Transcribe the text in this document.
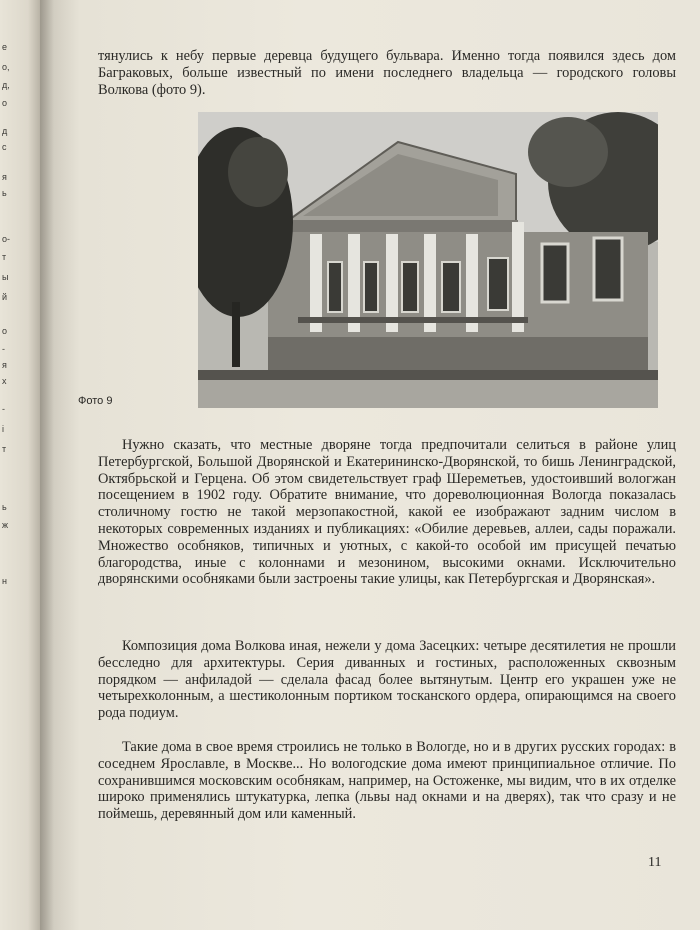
е
о,
д,
о
д
с
я
ь
о-
т
ы
й
о
-
я
х
-
і
т
ь
ж
н

тянулись к небу первые деревца будущего бульвара. Именно тогда появился здесь дом Баграковых, больше известный по имени последнего владельца — городского головы Волкова (фото 9).

Фото 9

Нужно сказать, что местные дворяне тогда предпочитали селиться в районе улиц Петербургской, Большой Дворянской и Екатерининско-Дворянской, то бишь Ленинградской, Октябрьской и Герцена. Об этом свидетельствует граф Шереметьев, удостоивший вологжан посещением в 1902 году. Обратите внимание, что дореволюционная Вологда показалась столичному гостю не такой мерзопакостной, какой ее изображают задним числом в некоторых современных изданиях и публикациях: «Обилие деревьев, аллеи, сады поражали. Множество особняков, типичных и уютных, с какой-то особой им присущей печатью благородства, иные с колоннами и мезонином, высокими окнами. Исключительно дворянскими особняками были застроены такие улицы, как Петербургская и Дворянская».

Композиция дома Волкова иная, нежели у дома Засецких: четыре десятилетия не прошли бесследно для архитектуры. Серия диванных и гостиных, расположенных сквозным порядком — анфиладой — сделала фасад более вытянутым. Центр его украшен уже не четырехколонным, а шестиколонным портиком тосканского ордера, опирающимся на своего рода подиум.

Такие дома в свое время строились не только в Вологде, но и в других русских городах: в соседнем Ярославле, в Москве... Но вологодские дома имеют принципиальное отличие. По сохранившимся московским особнякам, например, на Остоженке, мы видим, что в их отделке широко применялись штукатурка, лепка (львы над окнами и на дверях), так что сразу и не поймешь, деревянный дом или каменный.

11
